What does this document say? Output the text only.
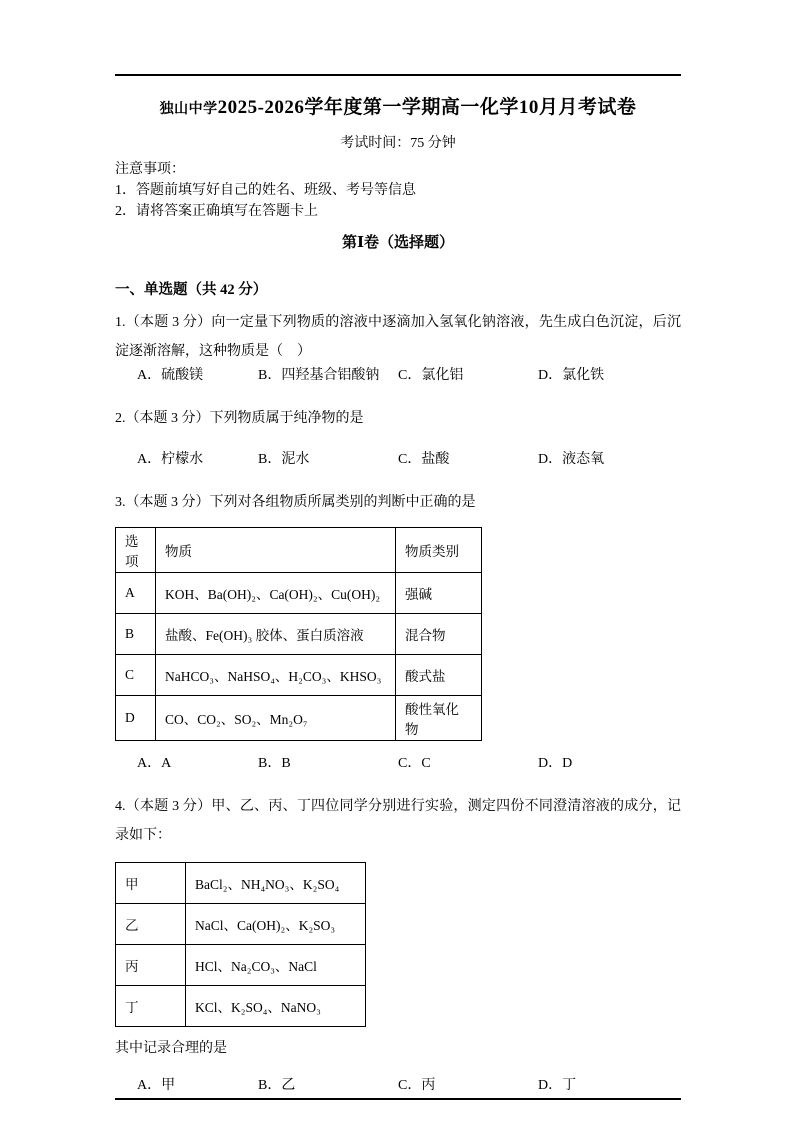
独山中学2025-2026学年度第一学期高一化学10月月考试卷
考试时间：75 分钟
注意事项：
1．答题前填写好自己的姓名、班级、考号等信息
2．请将答案正确填写在答题卡上
第Ⅰ卷（选择题）
一、单选题（共 42 分）
1.（本题 3 分）向一定量下列物质的溶液中逐滴加入氢氧化钠溶液，先生成白色沉淀，后沉淀逐渐溶解，这种物质是（　）
A．硫酸镁	B．四羟基合铝酸钠	C．氯化铝	D．氯化铁
2.（本题 3 分）下列物质属于纯净物的是
A．柠檬水	B．泥水	C．盐酸	D．液态氧
3.（本题 3 分）下列对各组物质所属类别的判断中正确的是
选项	物质	物质类别
A	KOH、Ba(OH)₂、Ca(OH)₂、Cu(OH)₂	强碱
B	盐酸、Fe(OH)₃ 胶体、蛋白质溶液	混合物
C	NaHCO₃、NaHSO₄、H₂CO₃、KHSO₃	酸式盐
D	CO、CO₂、SO₂、Mn₂O₇	酸性氧化物
A．A	B．B	C．C	D．D
4.（本题 3 分）甲、乙、丙、丁四位同学分别进行实验，测定四份不同澄清溶液的成分，记录如下：
甲	BaCl₂、NH₄NO₃、K₂SO₄
乙	NaCl、Ca(OH)₂、K₂SO₃
丙	HCl、Na₂CO₃、NaCl
丁	KCl、K₂SO₄、NaNO₃
其中记录合理的是
A．甲	B．乙	C．丙	D．丁
